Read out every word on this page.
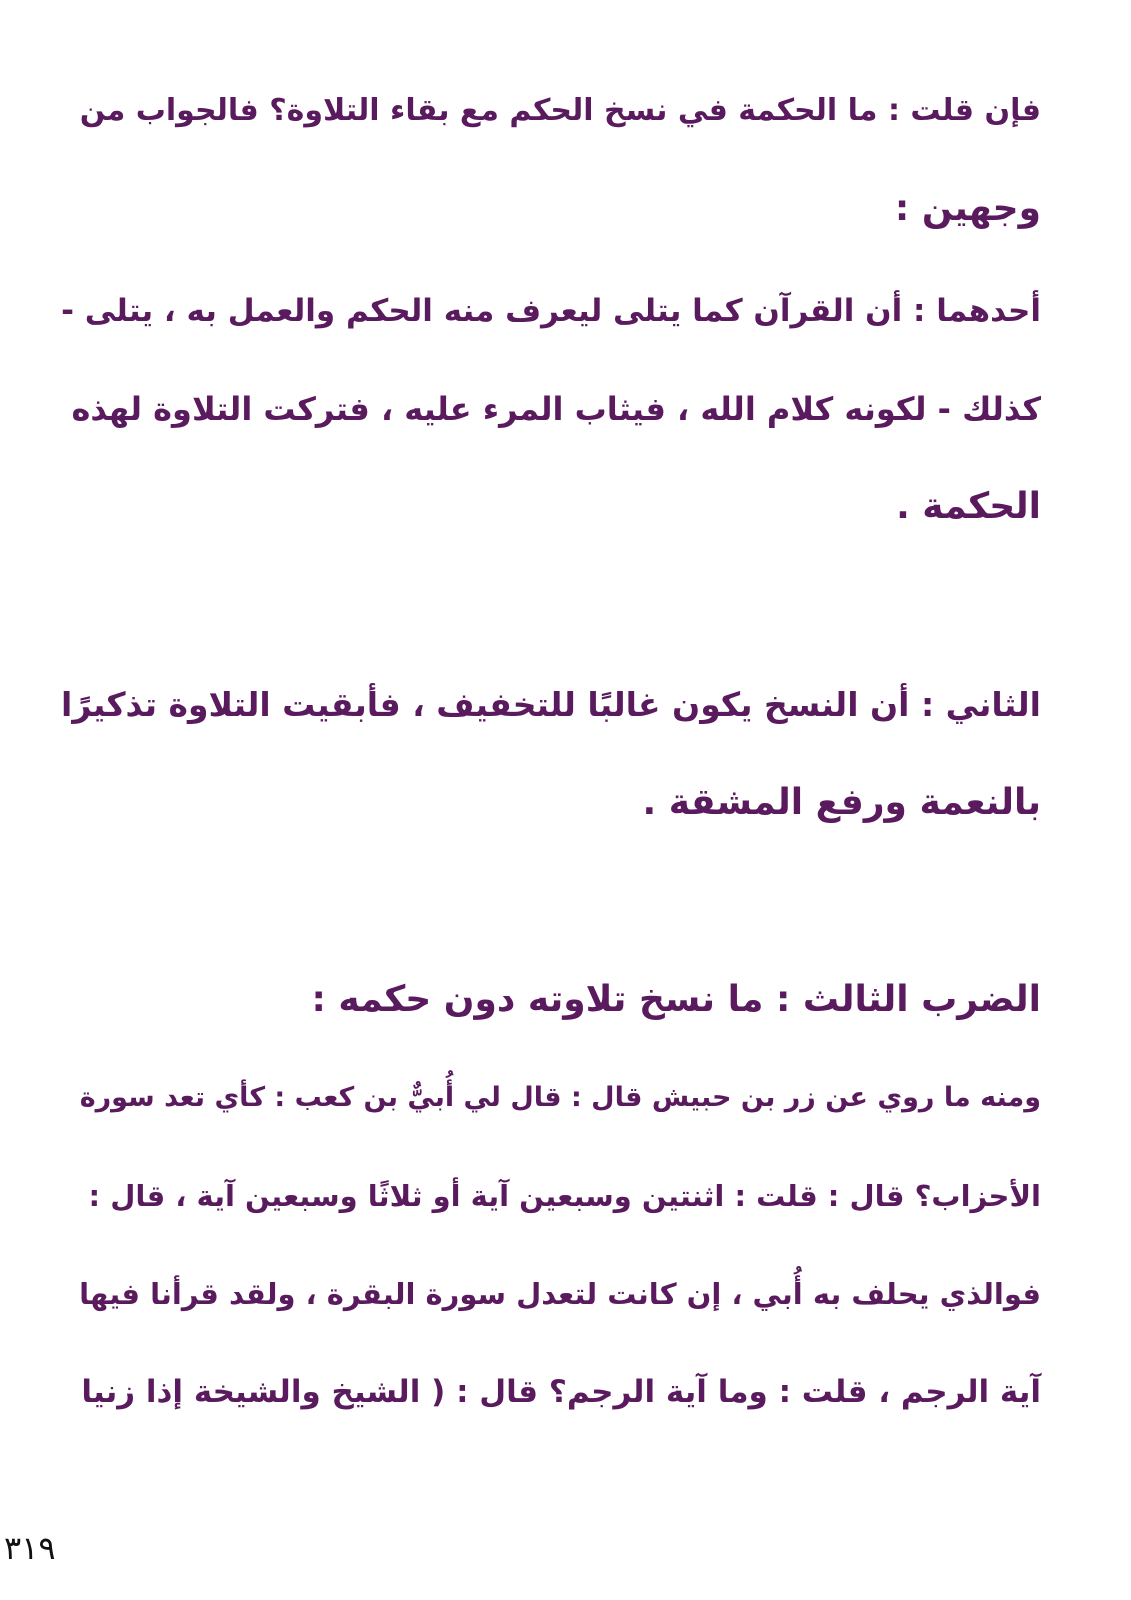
فإن قلت : ما الحكمة في نسخ الحكم مع بقاء التلاوة؟ فالجواب من
وجهين :
أحدهما : أن القرآن كما يتلى ليعرف منه الحكم والعمل به ، يتلى -
كذلك - لكونه كلام الله ، فيثاب المرء عليه ، فتركت التلاوة لهذه
الحكمة .
الثاني : أن النسخ يكون غالبًا للتخفيف ، فأبقيت التلاوة تذكيرًا
بالنعمة ورفع المشقة .
الضرب الثالث : ما نسخ تلاوته دون حكمه :
ومنه ما روي عن زر بن حبيش قال : قال لي أُبيٌّ بن كعب : كأي تعد سورة
الأحزاب؟ قال : قلت : اثنتين وسبعين آية أو ثلاثًا وسبعين آية ، قال :
فوالذي يحلف به أُبي ، إن كانت لتعدل سورة البقرة ، ولقد قرأنا فيها
آية الرجم ، قلت : وما آية الرجم؟ قال : ( الشيخ والشيخة إذا زنيا
٣١٩
